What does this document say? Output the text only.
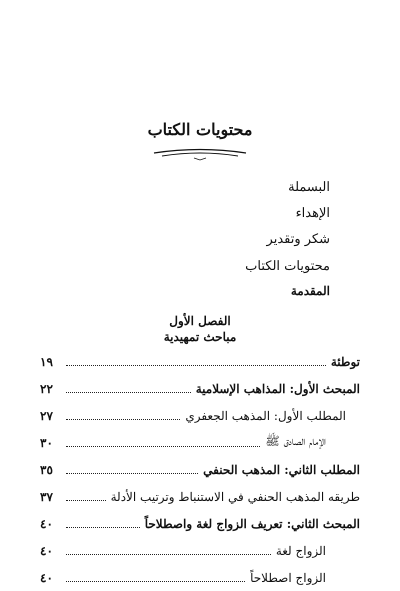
محتويات الكتاب
البسملة
الإهداء
شكر وتقدير
محتويات الكتاب
المقدمة
الفصل الأول
مباحث تمهيدية
توطئة
١٩
المبحث الأول: المذاهب الإسلامية
٢٢
المطلب الأول: المذهب الجعفري
٢٧
الإمام الصادق ﷺ
٣٠
المطلب الثاني: المذهب الحنفي
٣٥
طريقه المذهب الحنفي في الاستنباط وترتيب الأدلة
٣٧
المبحث الثاني: تعريف الزواج لغة واصطلاحاً
٤٠
الزواج لغة
٤٠
الزواج اصطلاحاً
٤٠
